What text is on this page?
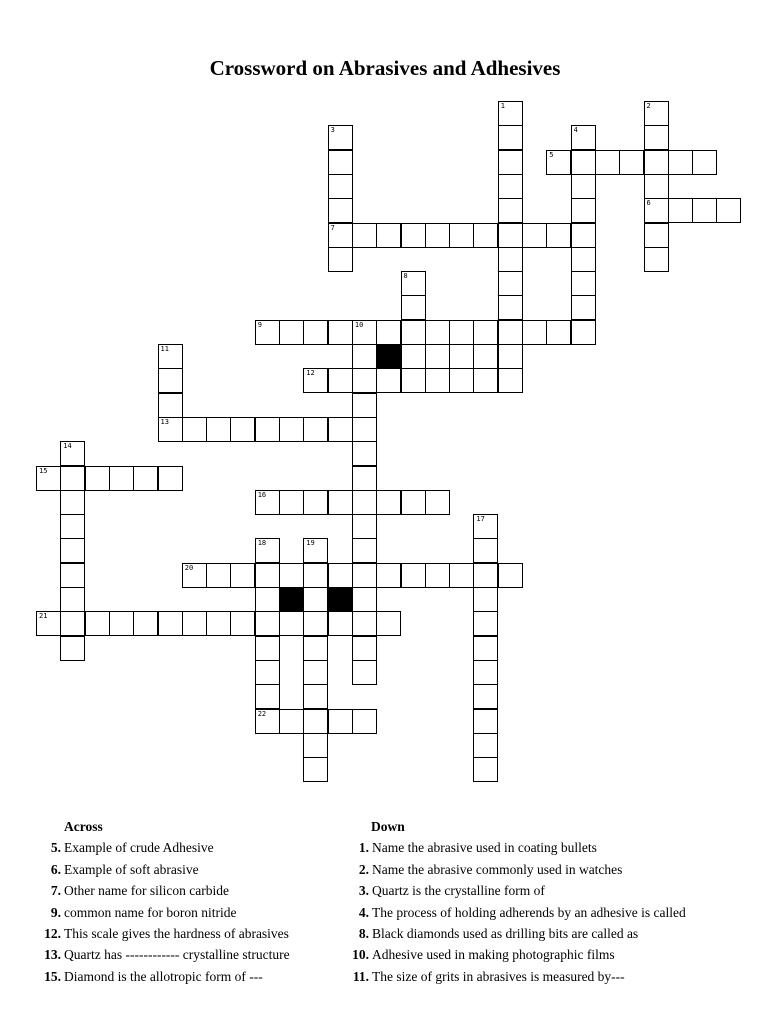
Crossword on Abrasives and Adhesives
1	2
6
3
7
4
8
10
11
13
14
17
18
22
19
5
9
12
15
16
20
21
Across
5. Example of crude Adhesive
6. Example of soft abrasive
7. Other name for silicon carbide
9. common name for boron nitride
12. This scale gives the hardness of abrasives
13. Quartz has ------------ crystalline structure
15. Diamond is the allotropic form of ---
Down
1. Name the abrasive used in coating bullets
2. Name the abrasive commonly used in watches
3. Quartz is the crystalline form of
4. The process of holding adherends by an adhesive is called
8. Black diamonds used as drilling bits are called as
10. Adhesive used in making photographic films
11. The size of grits in abrasives is measured by---
